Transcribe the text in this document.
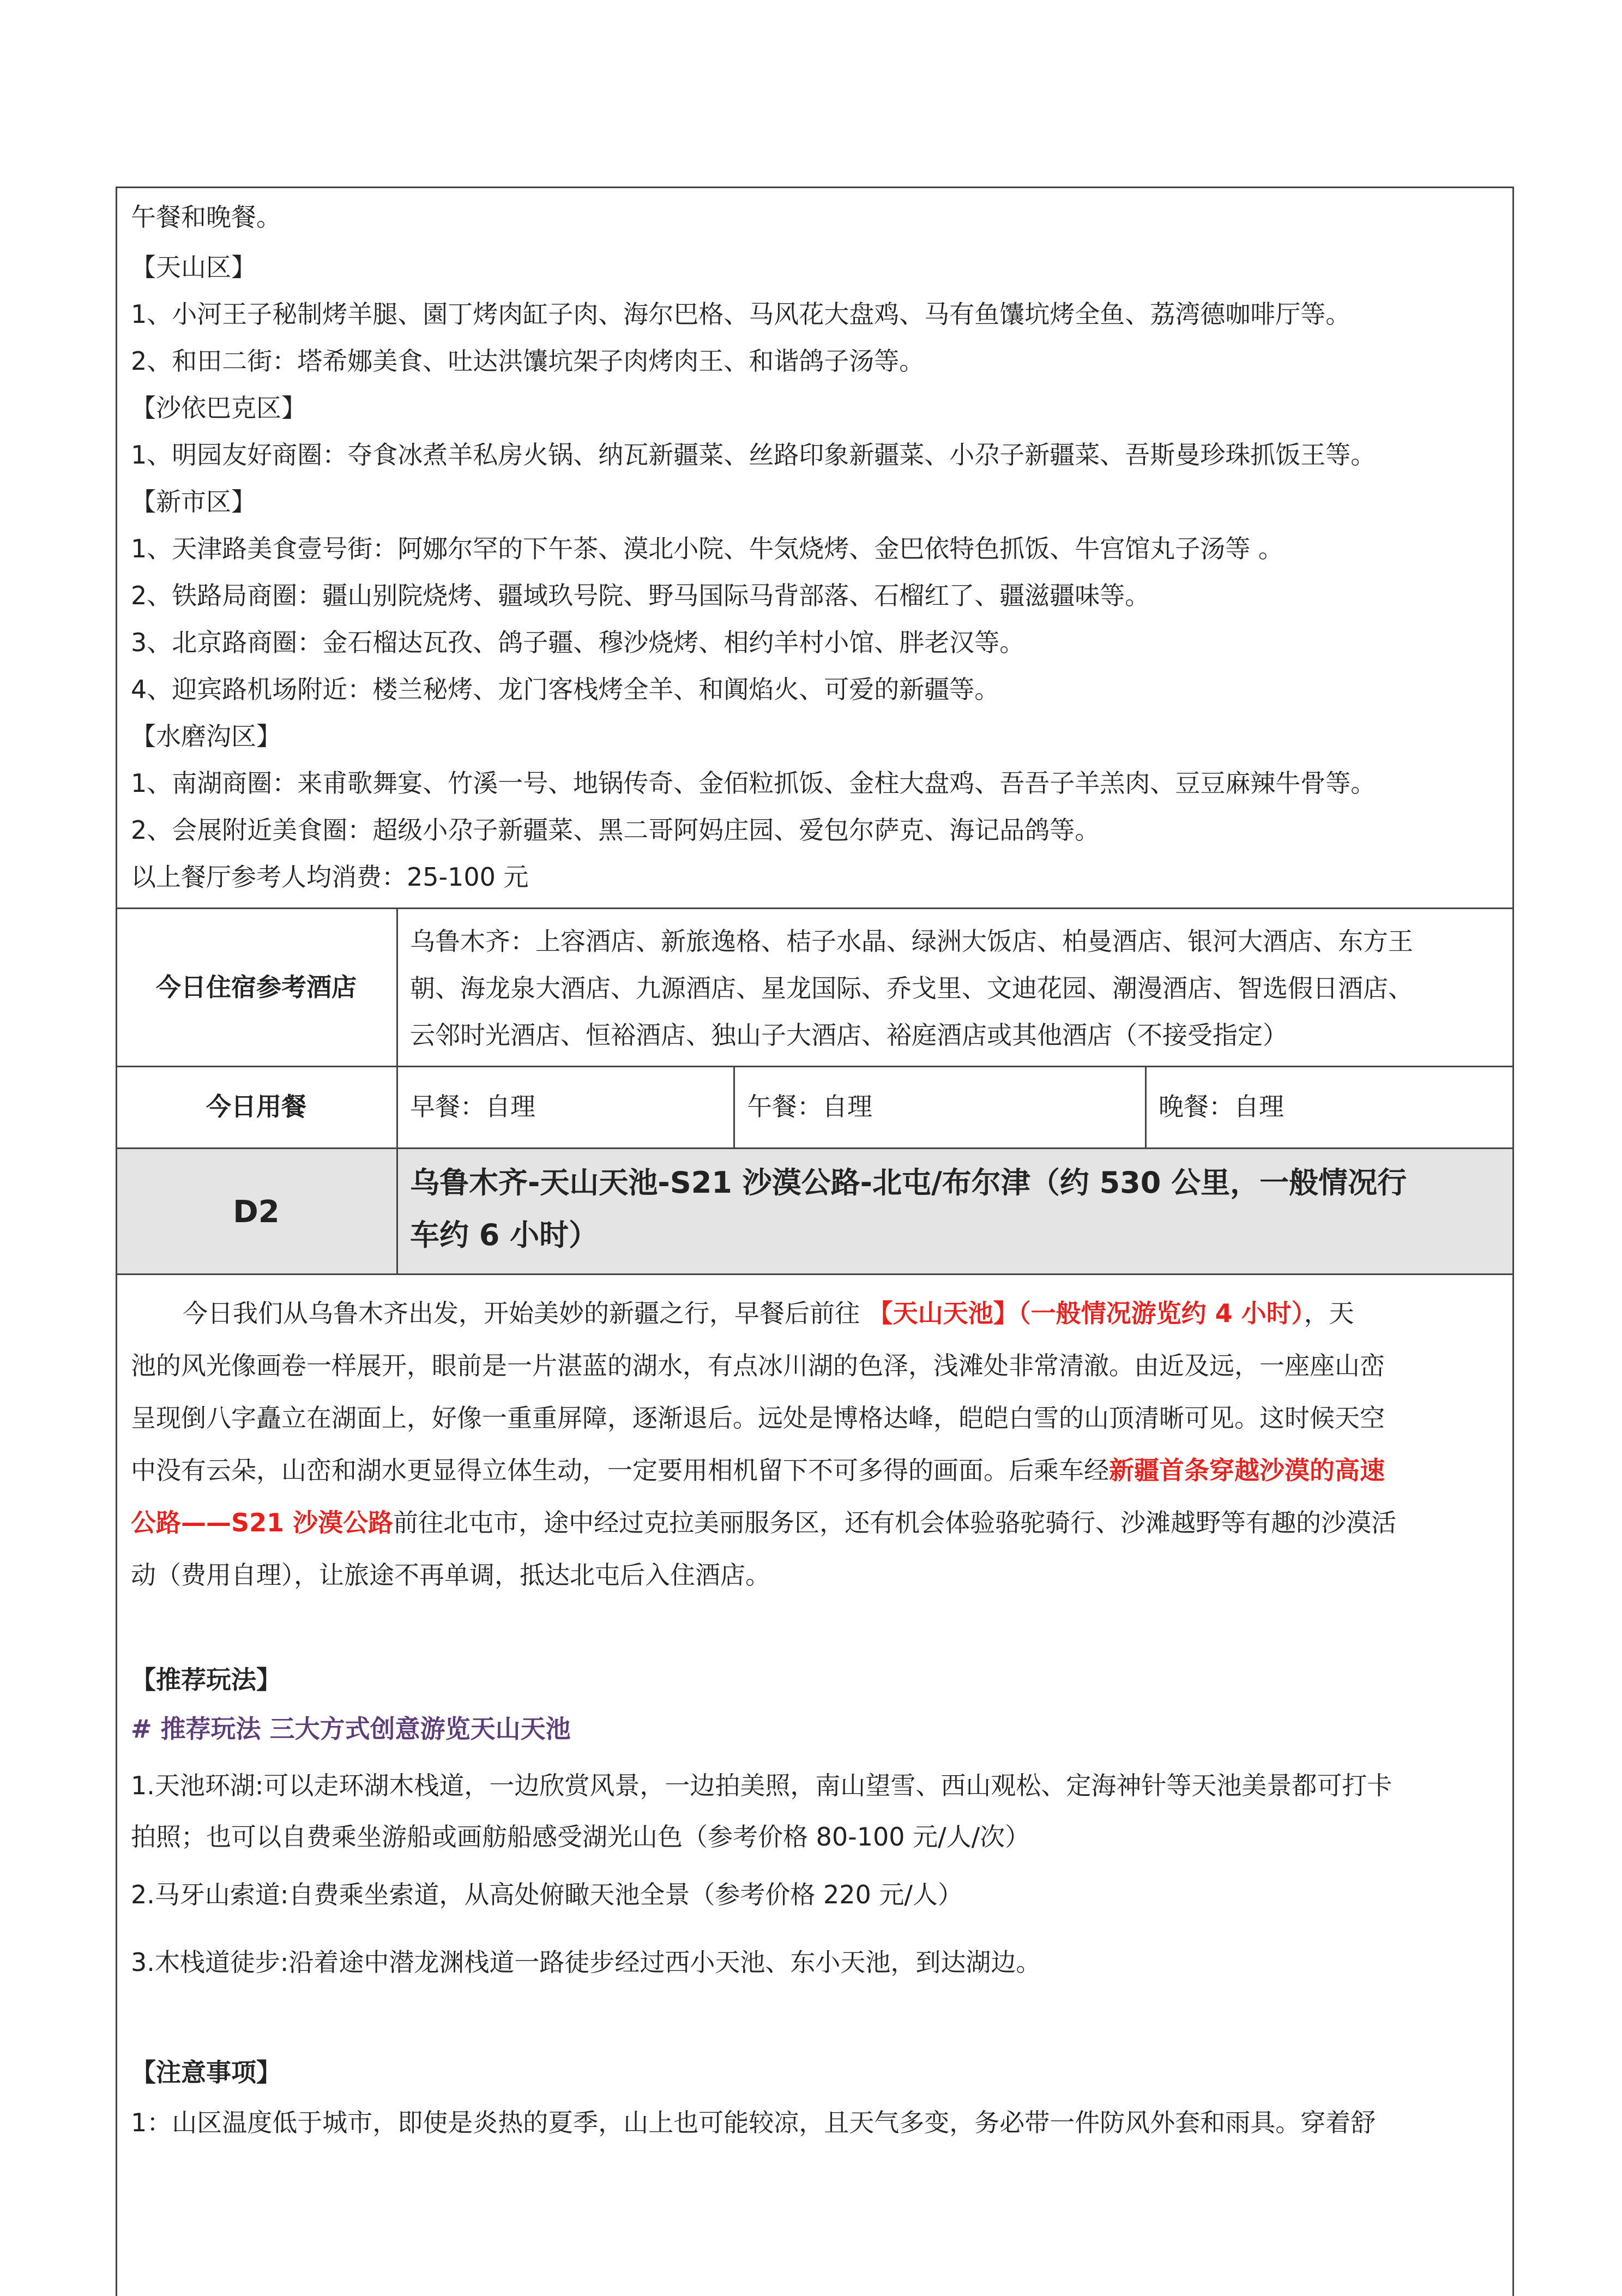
午餐和晚餐。
【天山区】
1、小河王子秘制烤羊腿、園丁烤肉缸子肉、海尔巴格、马风花大盘鸡、马有鱼馕坑烤全鱼、荔湾德咖啡厅等。
2、和田二街：塔希娜美食、吐达洪馕坑架子肉烤肉王、和谐鸽子汤等。
【沙依巴克区】
1、明园友好商圈：夺食冰煮羊私房火锅、纳瓦新疆菜、丝路印象新疆菜、小尕子新疆菜、吾斯曼珍珠抓饭王等。
【新市区】
1、天津路美食壹号街：阿娜尔罕的下午茶、漠北小院、牛気烧烤、金巴依特色抓饭、牛宫馆丸子汤等 。
2、铁路局商圈：疆山别院烧烤、疆域玖号院、野马国际马背部落、石榴红了、疆滋疆味等。
3、北京路商圈：金石榴达瓦孜、鸽子疆、穆沙烧烤、相约羊村小馆、胖老汉等。
4、迎宾路机场附近：楼兰秘烤、龙门客栈烤全羊、和阗焰火、可爱的新疆等。
【水磨沟区】
1、南湖商圈：来甫歌舞宴、竹溪一号、地锅传奇、金佰粒抓饭、金柱大盘鸡、吾吾子羊羔肉、豆豆麻辣牛骨等。
2、会展附近美食圈：超级小尕子新疆菜、黑二哥阿妈庄园、爱包尔萨克、海记品鸽等。
以上餐厅参考人均消费：25-100 元
今日住宿参考酒店
乌鲁木齐：上容酒店、新旅逸格、桔子水晶、绿洲大饭店、柏曼酒店、银河大酒店、东方王
朝、海龙泉大酒店、九源酒店、星龙国际、乔戈里、文迪花园、潮漫酒店、智选假日酒店、
云邻时光酒店、恒裕酒店、独山子大酒店、裕庭酒店或其他酒店（不接受指定）
今日用餐	早餐：自理	午餐：自理	晚餐：自理
D2
乌鲁木齐-天山天池-S21 沙漠公路-北屯/布尔津（约 530 公里，一般情况行
车约 6 小时）
今日我们从乌鲁木齐出发，开始美妙的新疆之行，早餐后前往 【天山天池】（一般情况游览约 4 小时），天
池的风光像画卷一样展开，眼前是一片湛蓝的湖水，有点冰川湖的色泽，浅滩处非常清澈。由近及远，一座座山峦
呈现倒八字矗立在湖面上，好像一重重屏障，逐渐退后。远处是博格达峰，皑皑白雪的山顶清晰可见。这时候天空
中没有云朵，山峦和湖水更显得立体生动，一定要用相机留下不可多得的画面。后乘车经新疆首条穿越沙漠的高速
公路——S21 沙漠公路前往北屯市，途中经过克拉美丽服务区，还有机会体验骆驼骑行、沙滩越野等有趣的沙漠活
动（费用自理），让旅途不再单调，抵达北屯后入住酒店。
【推荐玩法】
# 推荐玩法 三大方式创意游览天山天池
1.天池环湖:可以走环湖木栈道，一边欣赏风景，一边拍美照，南山望雪、西山观松、定海神针等天池美景都可打卡
拍照；也可以自费乘坐游船或画舫船感受湖光山色（参考价格 80-100 元/人/次）
2.马牙山索道:自费乘坐索道，从高处俯瞰天池全景（参考价格 220 元/人）
3.木栈道徒步:沿着途中潜龙渊栈道一路徒步经过西小天池、东小天池，到达湖边。
【注意事项】
1：山区温度低于城市，即使是炎热的夏季，山上也可能较凉，且天气多变，务必带一件防风外套和雨具。穿着舒
